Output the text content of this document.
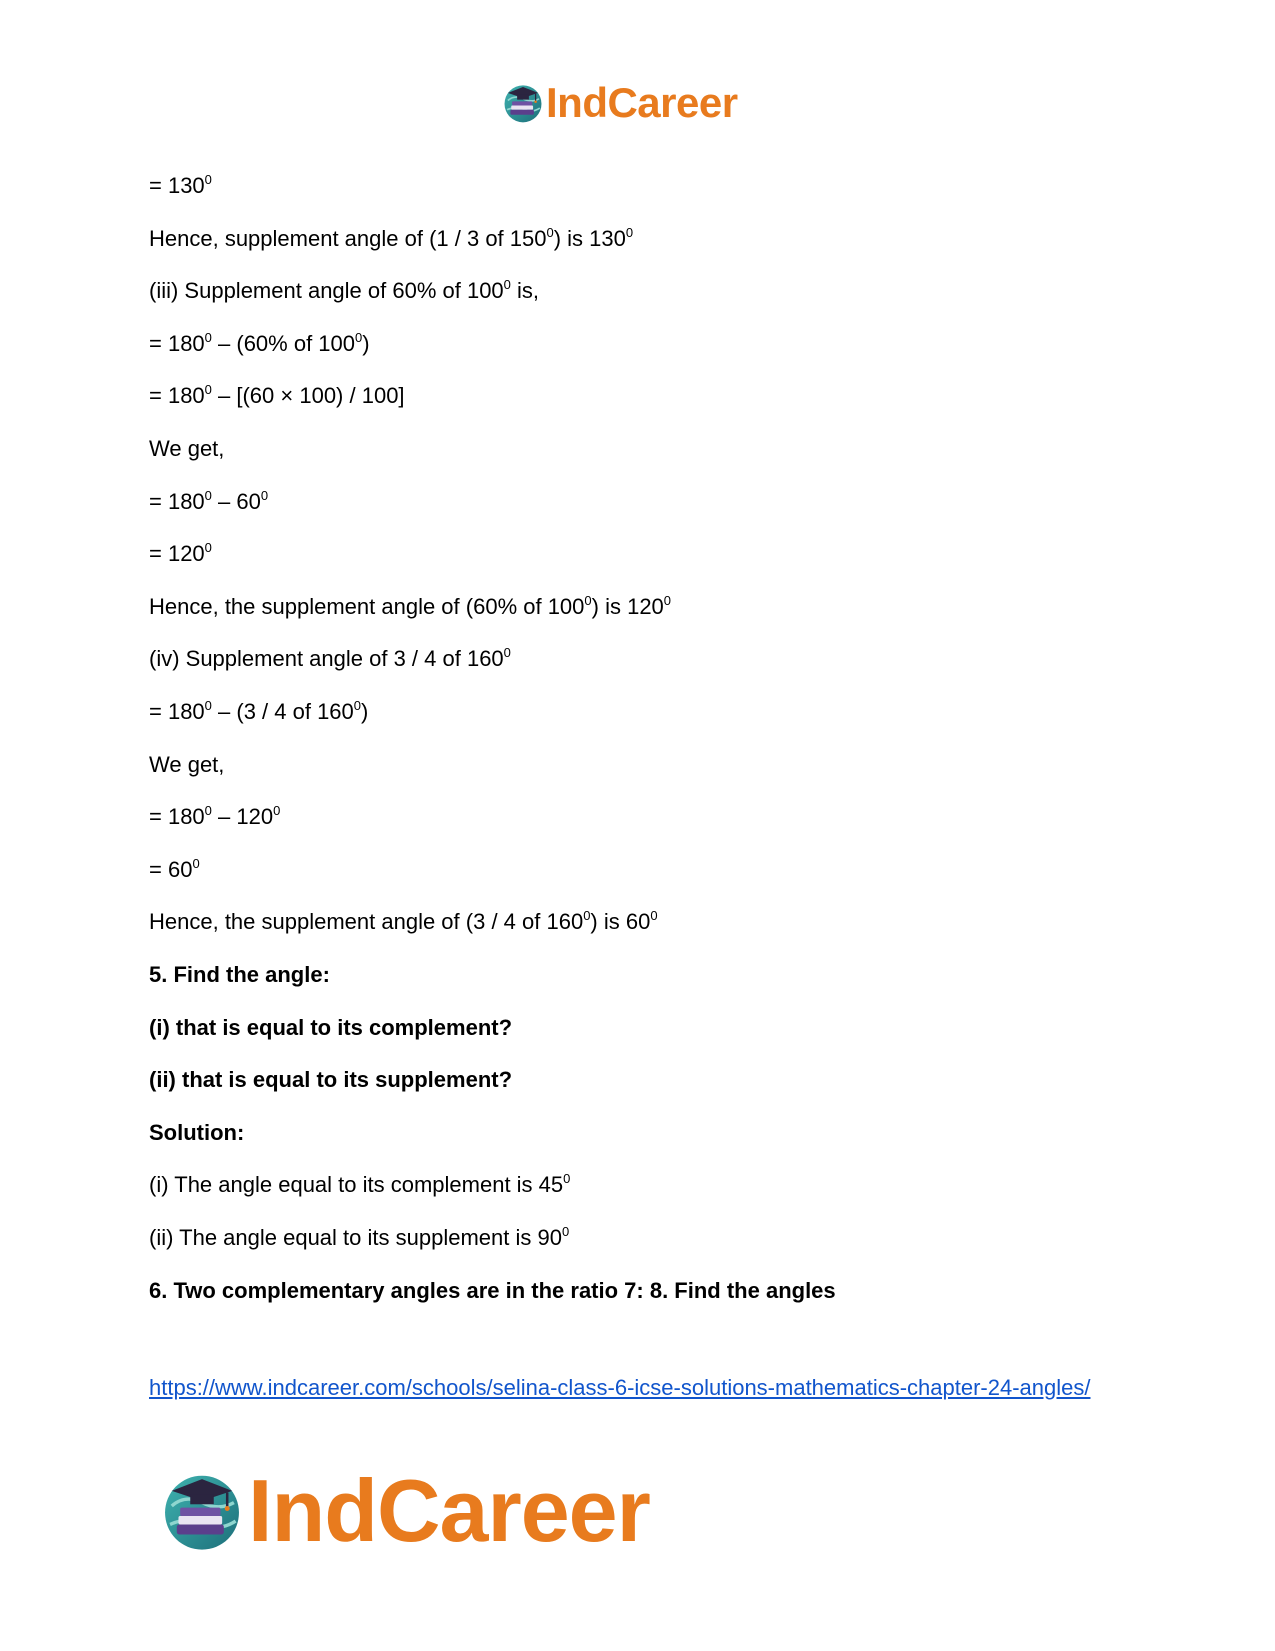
IndCareer
= $130^0$
Hence, supplement angle of (1 / 3 of $150^0$) is $130^0$
(iii) Supplement angle of 60% of $100^0$ is,
= $180^0 - (60\%$ of $100^0$)
= $180^0 - [(60 \times 100) / 100]$
We get,
= $180^0 - 60^0$
= $120^0$
Hence, the supplement angle of (60% of $100^0$) is $120^0$
(iv) Supplement angle of 3 / 4 of $160^0$
= $180^0 - (3 / 4$ of $160^0$)
We get,
= $180^0 - 120^0$
= $60^0$
Hence, the supplement angle of (3 / 4 of $160^0$) is $60^0$
5. Find the angle:
(i) that is equal to its complement?
(ii) that is equal to its supplement?
Solution:
(i) The angle equal to its complement is $45^0$
(ii) The angle equal to its supplement is $90^0$
6. Two complementary angles are in the ratio 7: 8. Find the angles
https://www.indcareer.com/schools/selina-class-6-icse-solutions-mathematics-chapter-24-angles/
IndCareer
